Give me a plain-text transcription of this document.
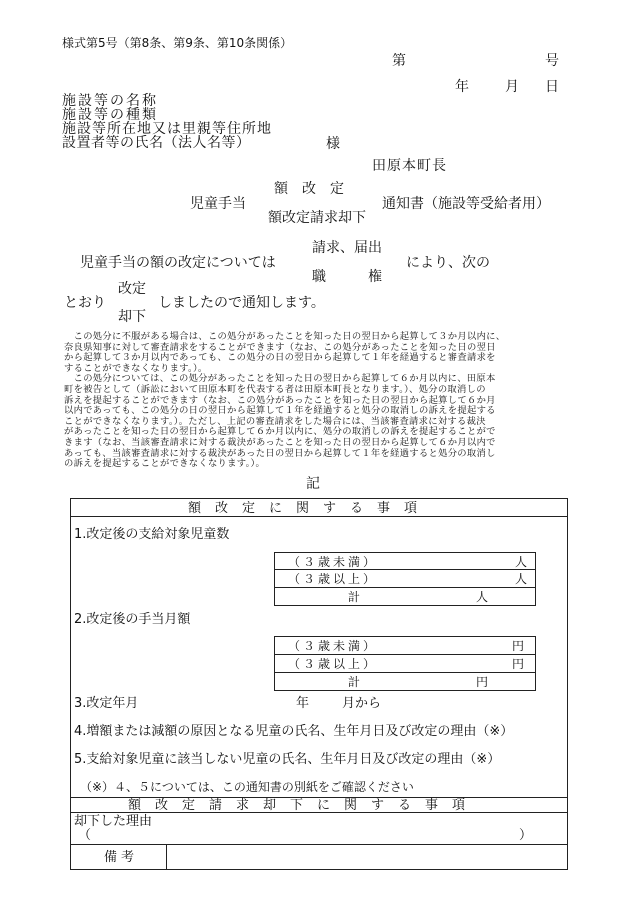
様式第5号（第8条、第9条、第10条関係）
第	号
年	月 日
施設等の名称
施設等の種類
施設等所在地又は里親等住所地
設置者等の氏名（法人名等）	様
田原本町長
額　改　定
児童手当	通知書（施設等受給者用）
額改定請求却下
請求、届出
児童手当の額の改定については	により、次の
職　　　権
改定
とおり	しましたので通知します。
却下
　この処分に不服がある場合は、この処分があったことを知った日の翌日から起算して３か月以内に、
奈良県知事に対して審査請求をすることができます（なお、この処分があったことを知った日の翌日
から起算して３か月以内であっても、この処分の日の翌日から起算して１年を経過すると審査請求を
することができなくなります。）。
　この処分については、この処分があったことを知った日の翌日から起算して６か月以内に、田原本
町を被告として（訴訟において田原本町を代表する者は田原本町長となります。）、処分の取消しの
訴えを提起することができます（なお、この処分があったことを知った日の翌日から起算して６か月
以内であっても、この処分の日の翌日から起算して１年を経過すると処分の取消しの訴えを提起する
ことができなくなります。）。ただし、上記の審査請求をした場合には、当該審査請求に対する裁決
があったことを知った日の翌日から起算して６か月以内に、処分の取消しの訴えを提起することがで
きます（なお、当該審査請求に対する裁決があったことを知った日の翌日から起算して６か月以内で
あっても、当該審査請求に対する裁決があった日の翌日から起算して１年を経過すると処分の取消し
の訴えを提起することができなくなります。）。
記
額改定に関する事項
1.改定後の支給対象児童数
（３歳未満）	人
（３歳以上）	人
計	人
2.改定後の手当月額
（３歳未満）	円
（３歳以上）	円
計	円
3.改定年月	年	月から
4.増額または減額の原因となる児童の氏名、生年月日及び改定の理由（※）
5.支給対象児童に該当しない児童の氏名、生年月日及び改定の理由（※）
（※）４、５については、この通知書の別紙をご確認ください
額改定請求却下に関する事項
却下した理由
（	）
備考
